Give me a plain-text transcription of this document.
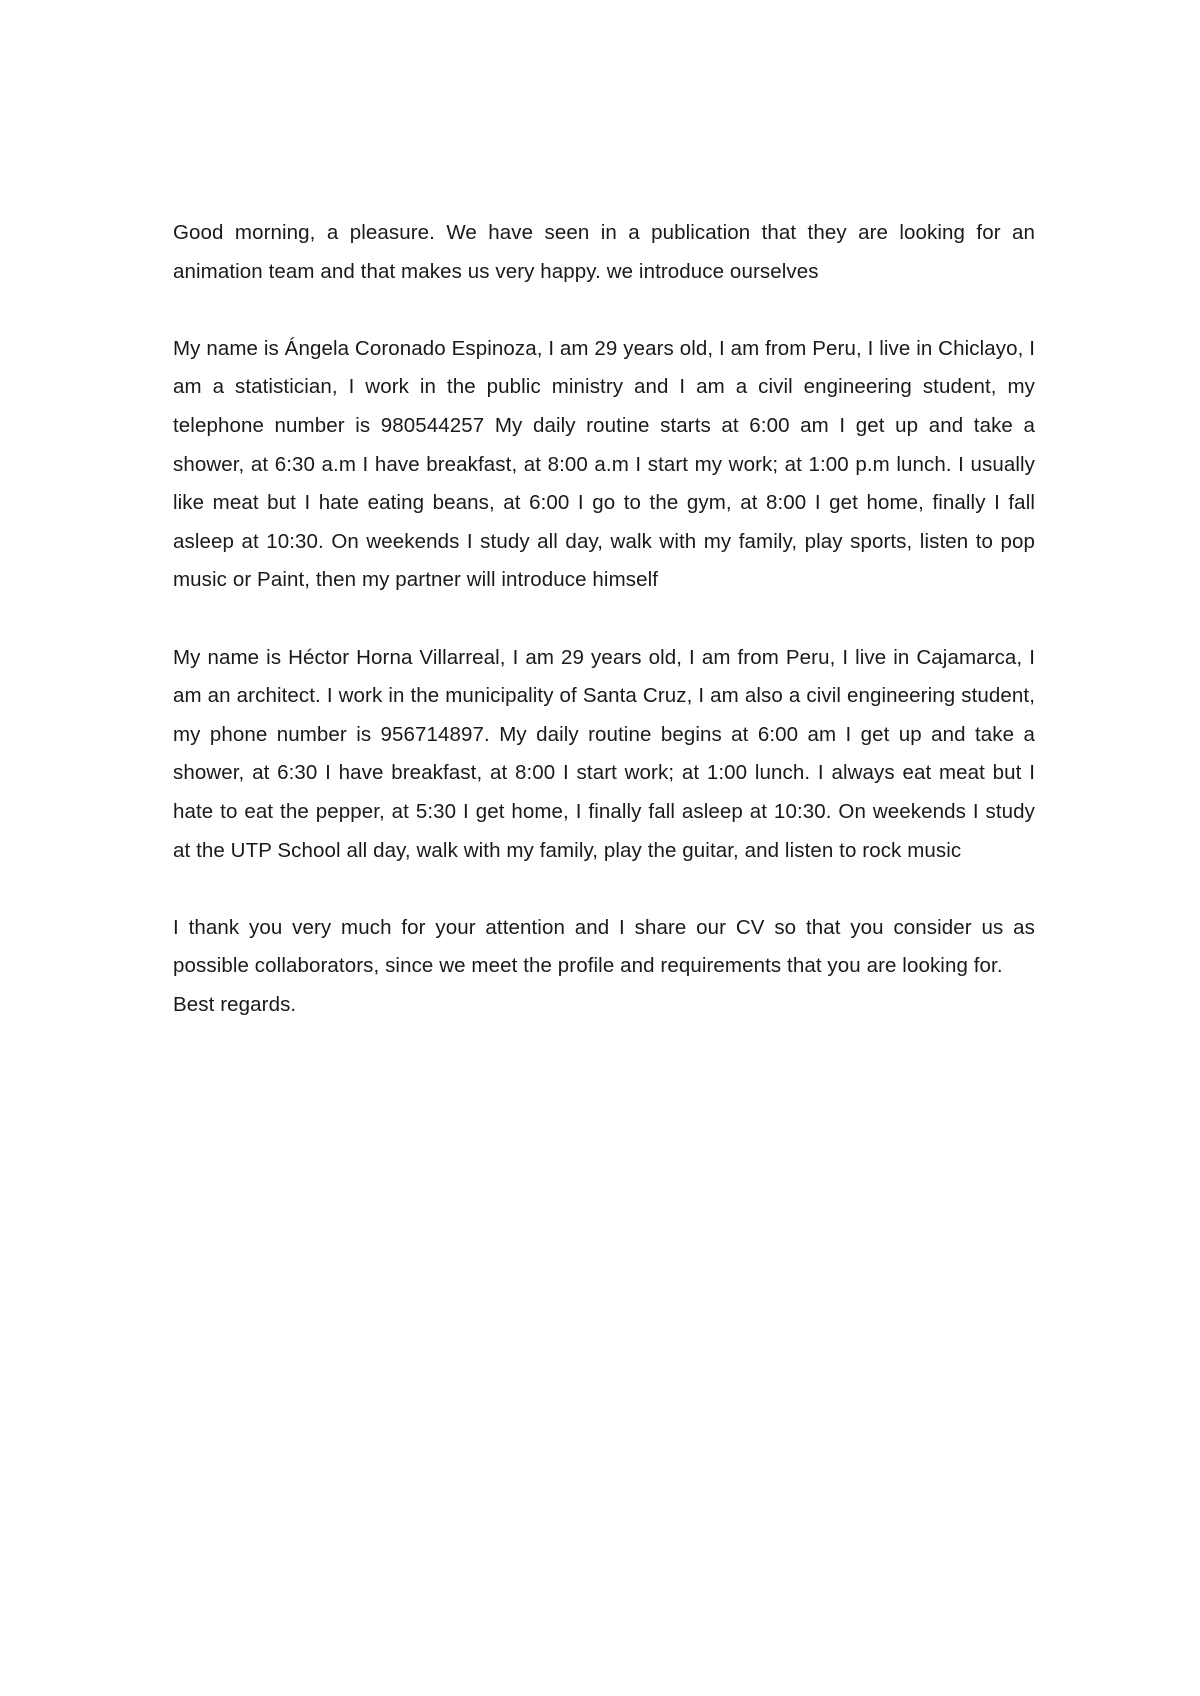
Good morning, a pleasure. We have seen in a publication that they are looking for an animation team and that makes us very happy. we introduce ourselves

My name is Ángela Coronado Espinoza, I am 29 years old, I am from Peru, I live in Chiclayo, I am a statistician, I work in the public ministry and I am a civil engineering student, my telephone number is 980544257 My daily routine starts at 6:00 am I get up and take a shower, at 6:30 a.m I have breakfast, at 8:00 a.m I start my work; at 1:00 p.m lunch. I usually like meat but I hate eating beans, at 6:00 I go to the gym, at 8:00 I get home, finally I fall asleep at 10:30. On weekends I study all day, walk with my family, play sports, listen to pop music or Paint, then my partner will introduce himself

My name is Héctor Horna Villarreal, I am 29 years old, I am from Peru, I live in Cajamarca, I am an architect. I work in the municipality of Santa Cruz, I am also a civil engineering student, my phone number is 956714897. My daily routine begins at 6:00 am I get up and take a shower, at 6:30 I have breakfast, at 8:00 I start work; at 1:00 lunch. I always eat meat but I hate to eat the pepper, at 5:30 I get home, I finally fall asleep at 10:30. On weekends I study at the UTP School all day, walk with my family, play the guitar, and listen to rock music

I thank you very much for your attention and I share our CV so that you consider us as possible collaborators, since we meet the profile and requirements that you are looking for.

Best regards.
